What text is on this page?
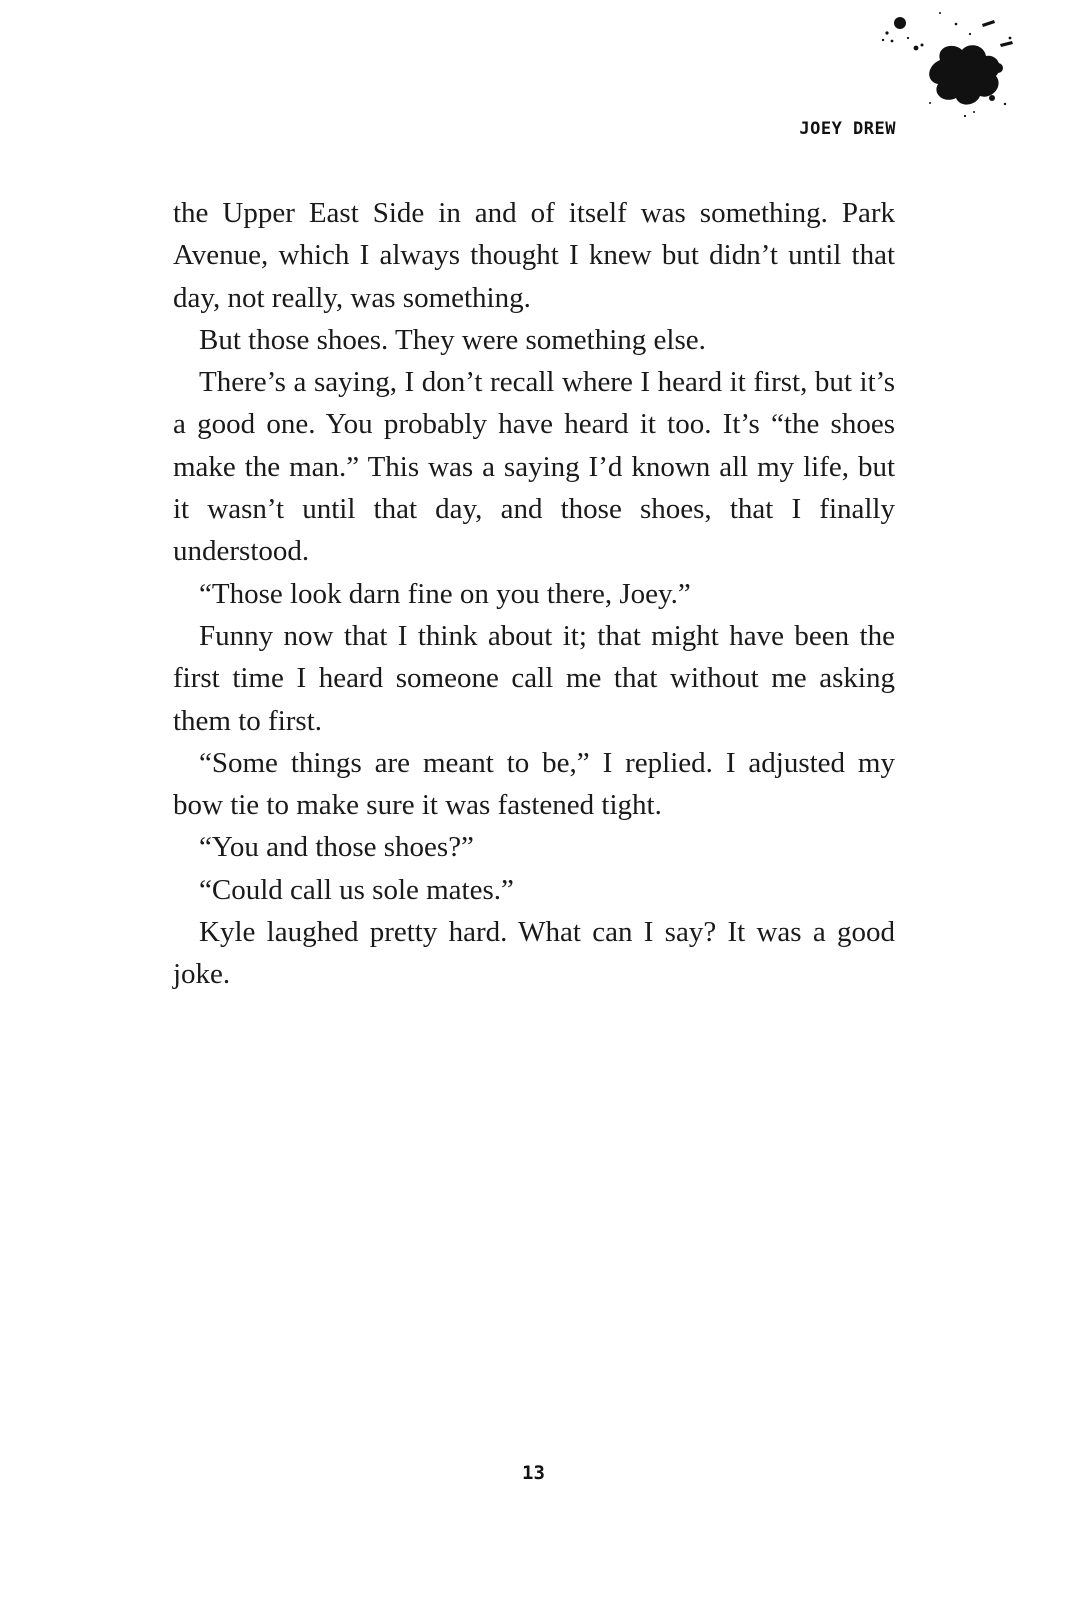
JOEY DREW

the Upper East Side in and of itself was something. Park Avenue, which I always thought I knew but didn’t until that day, not really, was something.

But those shoes. They were something else.

There’s a saying, I don’t recall where I heard it first, but it’s a good one. You probably have heard it too. It’s “the shoes make the man.” This was a saying I’d known all my life, but it wasn’t until that day, and those shoes, that I finally understood.

“Those look darn fine on you there, Joey.”

Funny now that I think about it; that might have been the first time I heard someone call me that without me asking them to first.

“Some things are meant to be,” I replied. I adjusted my bow tie to make sure it was fastened tight.

“You and those shoes?”

“Could call us sole mates.”

Kyle laughed pretty hard. What can I say? It was a good joke.

13
